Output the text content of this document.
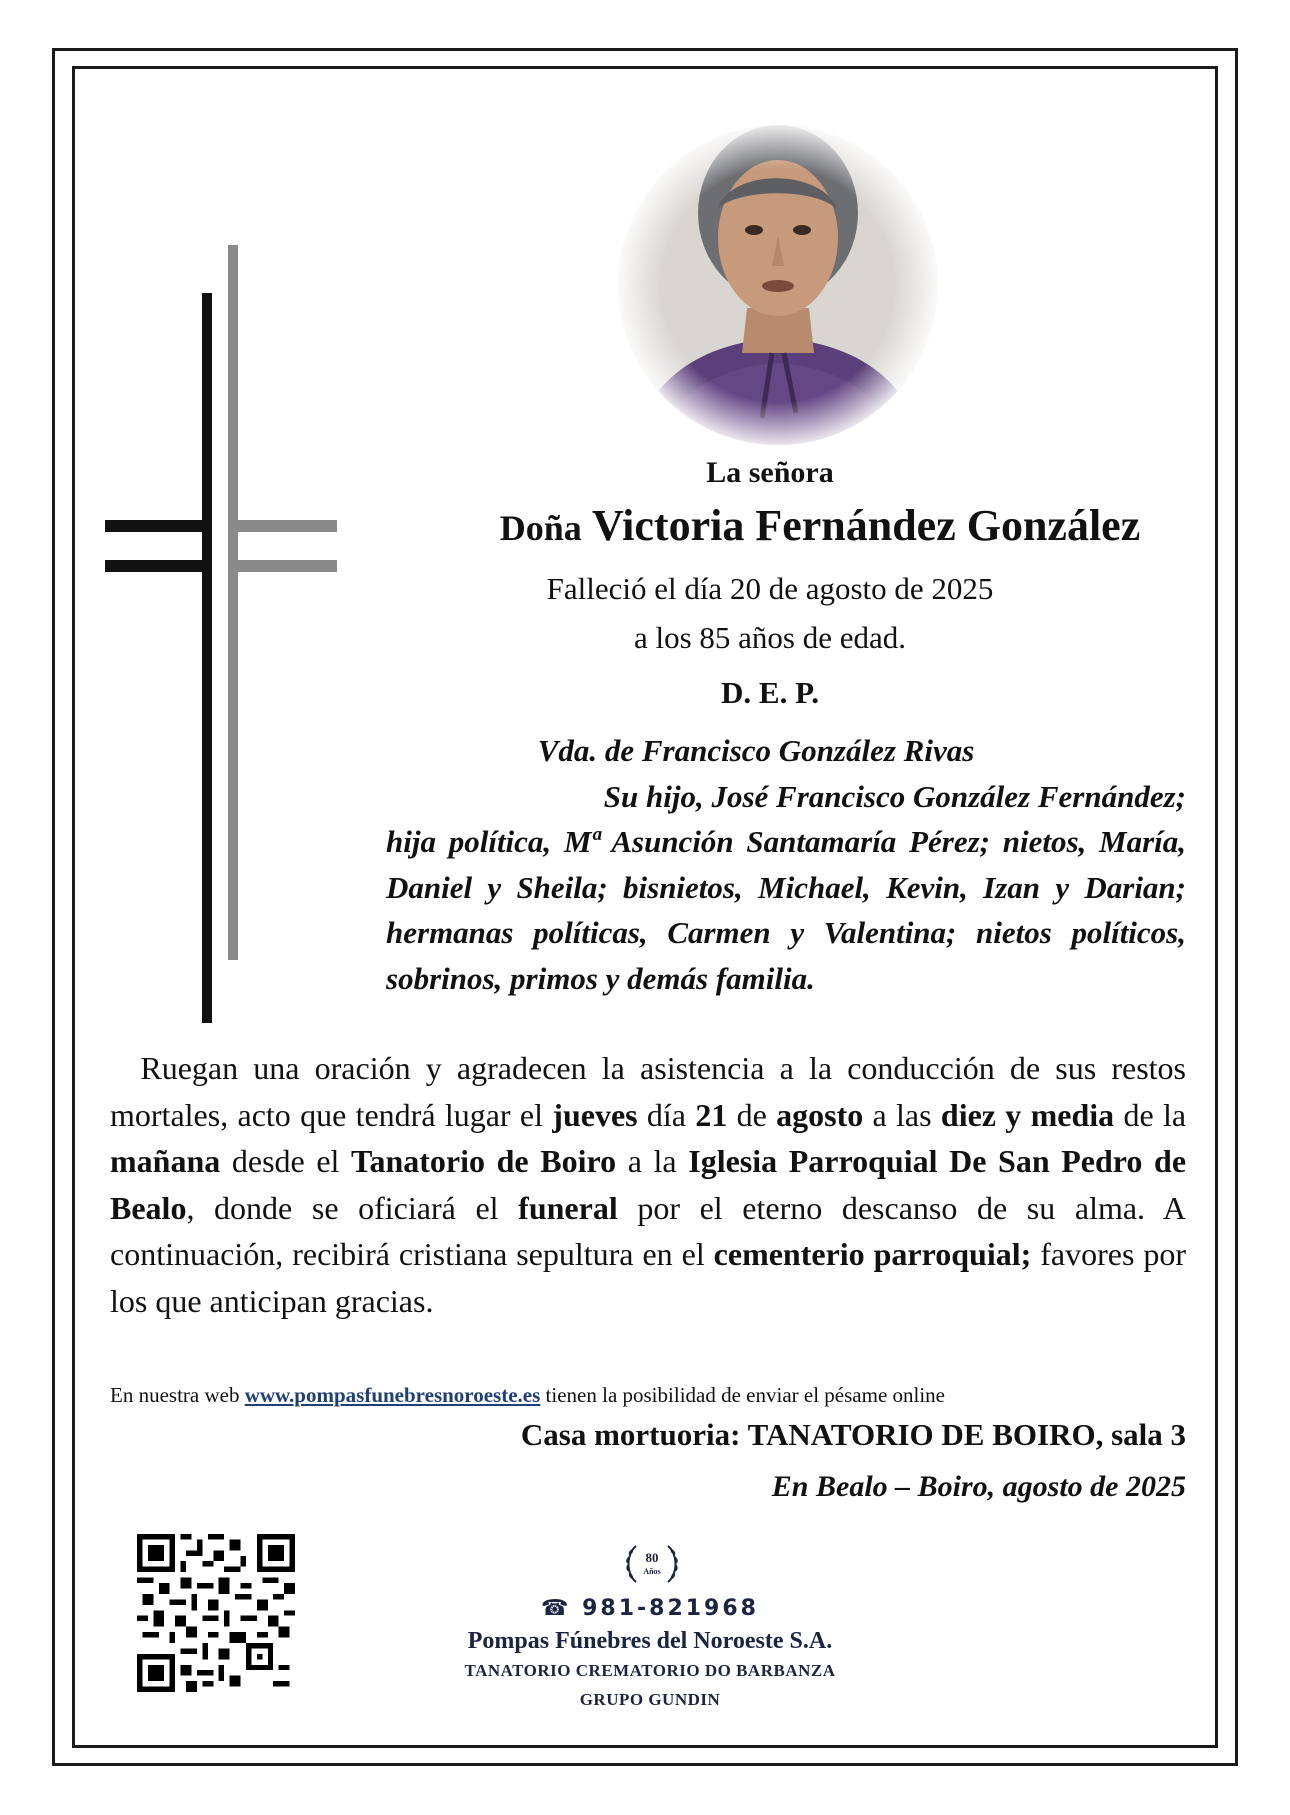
La señora
Doña Victoria Fernández González
Falleció el día 20 de agosto de 2025
a los 85 años de edad.
D. E. P.
Vda. de Francisco González Rivas
Su hijo, José Francisco González Fernández;
hija política, Mª Asunción Santamaría Pérez; nietos, María, Daniel y Sheila; bisnietos, Michael, Kevin, Izan y Darian; hermanas políticas, Carmen y Valentina; nietos políticos, sobrinos, primos y demás familia.
Ruegan una oración y agradecen la asistencia a la conducción de sus restos mortales, acto que tendrá lugar el jueves día 21 de agosto a las diez y media de la mañana desde el Tanatorio de Boiro a la Iglesia Parroquial De San Pedro de Bealo, donde se oficiará el funeral por el eterno descanso de su alma. A continuación, recibirá cristiana sepultura en el cementerio parroquial; favores por los que anticipan gracias.
En nuestra web www.pompasfunebresnoroeste.es tienen la posibilidad de enviar el pésame online
Casa mortuoria: TANATORIO DE BOIRO, sala 3
En Bealo – Boiro, agosto de 2025
80
Años
☎ 981-821968
Pompas Fúnebres del Noroeste S.A.
TANATORIO CREMATORIO DO BARBANZA
GRUPO GUNDIN
